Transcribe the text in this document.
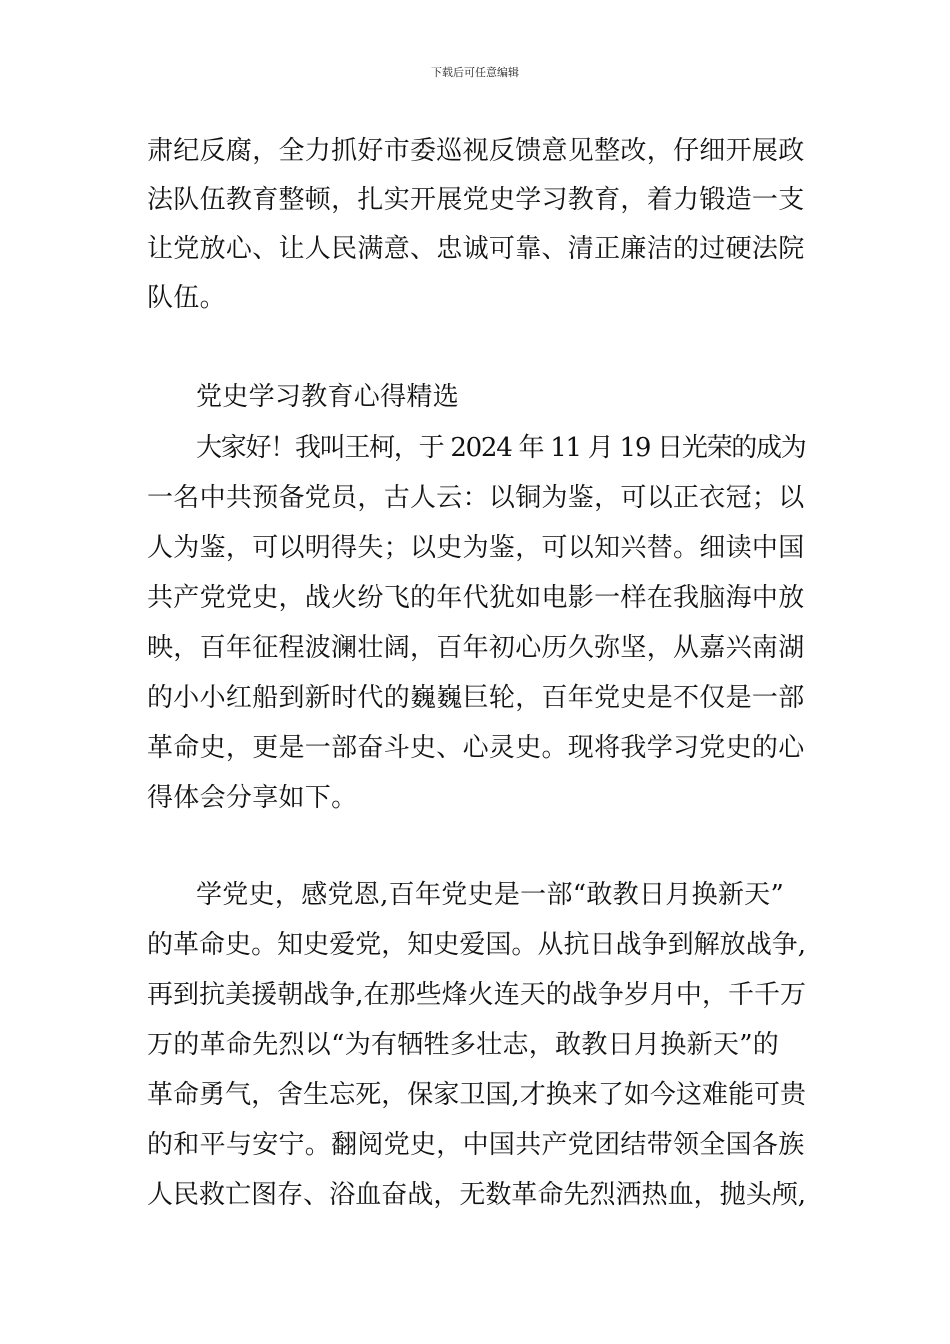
下载后可任意编辑
肃纪反腐，全力抓好市委巡视反馈意见整改，仔细开展政
法队伍教育整顿，扎实开展党史学习教育，着力锻造一支
让党放心、让人民满意、忠诚可靠、清正廉洁的过硬法院
队伍。
党史学习教育心得精选
大家好！我叫王柯，于 2024 年 11 月 19 日光荣的成为
一名中共预备党员，古人云：以铜为鉴，可以正衣冠；以
人为鉴，可以明得失；以史为鉴，可以知兴替。细读中国
共产党党史，战火纷飞的年代犹如电影一样在我脑海中放
映，百年征程波澜壮阔，百年初心历久弥坚，从嘉兴南湖
的小小红船到新时代的巍巍巨轮，百年党史是不仅是一部
革命史，更是一部奋斗史、心灵史。现将我学习党史的心
得体会分享如下。
学党史，感党恩,百年党史是一部“敢教日月换新天”
的革命史。知史爱党，知史爱国。从抗日战争到解放战争,
再到抗美援朝战争,在那些烽火连天的战争岁月中，千千万
万的革命先烈以“为有牺牲多壮志，敢教日月换新天”的
革命勇气，舍生忘死，保家卫国,才换来了如今这难能可贵
的和平与安宁。翻阅党史，中国共产党团结带领全国各族
人民救亡图存、浴血奋战，无数革命先烈洒热血，抛头颅,
